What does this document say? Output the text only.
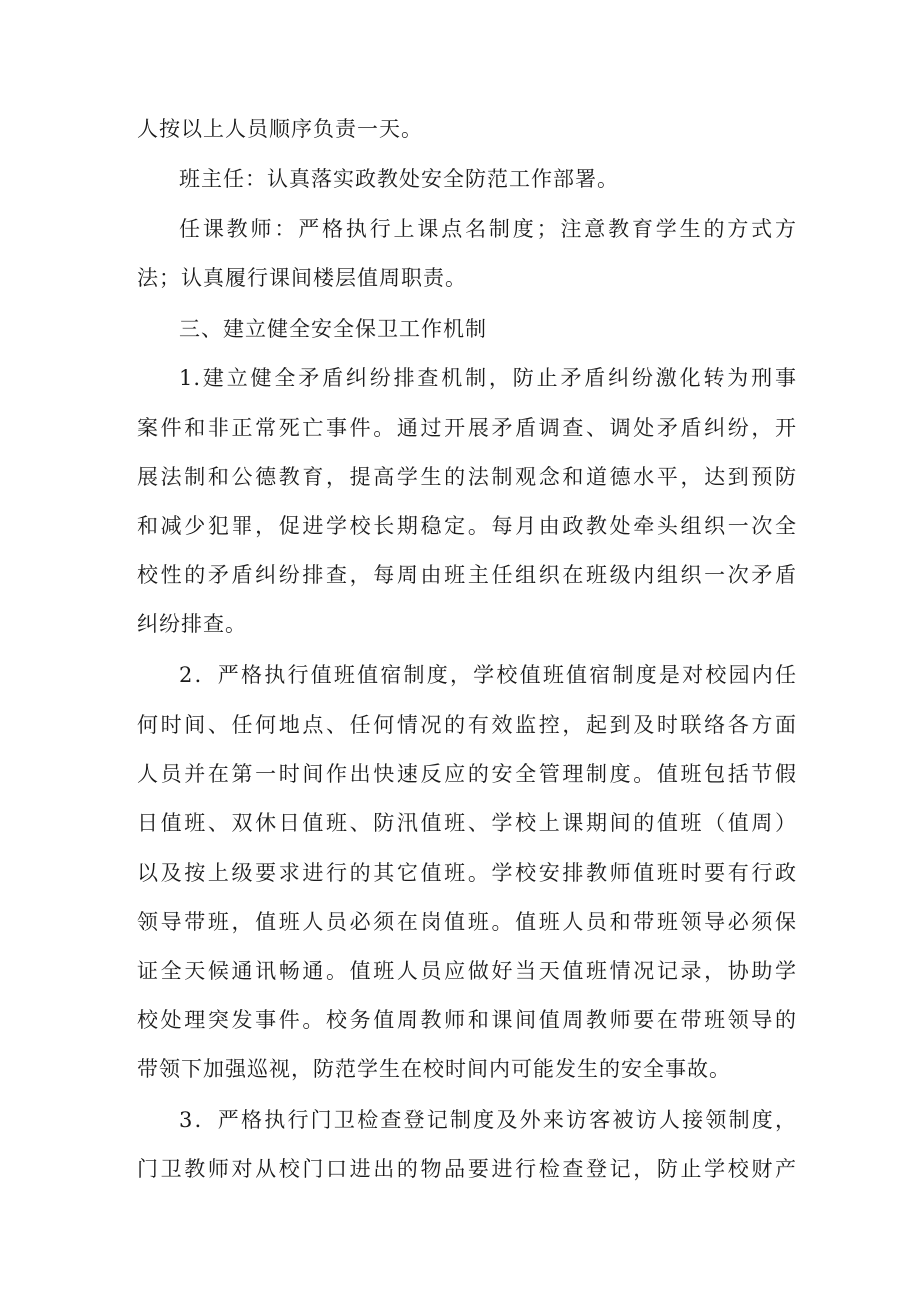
人按以上人员顺序负责一天。
班主任：认真落实政教处安全防范工作部署。
任课教师：严格执行上课点名制度；注意教育学生的方式方
法；认真履行课间楼层值周职责。
三、建立健全安全保卫工作机制
1.建立健全矛盾纠纷排查机制，防止矛盾纠纷激化转为刑事
案件和非正常死亡事件。通过开展矛盾调查、调处矛盾纠纷，开
展法制和公德教育，提高学生的法制观念和道德水平，达到预防
和减少犯罪，促进学校长期稳定。每月由政教处牵头组织一次全
校性的矛盾纠纷排查，每周由班主任组织在班级内组织一次矛盾
纠纷排查。
2．严格执行值班值宿制度，学校值班值宿制度是对校园内任
何时间、任何地点、任何情况的有效监控，起到及时联络各方面
人员并在第一时间作出快速反应的安全管理制度。值班包括节假
日值班、双休日值班、防汛值班、学校上课期间的值班（值周）
以及按上级要求进行的其它值班。学校安排教师值班时要有行政
领导带班，值班人员必须在岗值班。值班人员和带班领导必须保
证全天候通讯畅通。值班人员应做好当天值班情况记录，协助学
校处理突发事件。校务值周教师和课间值周教师要在带班领导的
带领下加强巡视，防范学生在校时间内可能发生的安全事故。
3．严格执行门卫检查登记制度及外来访客被访人接领制度，
门卫教师对从校门口进出的物品要进行检查登记，防止学校财产
